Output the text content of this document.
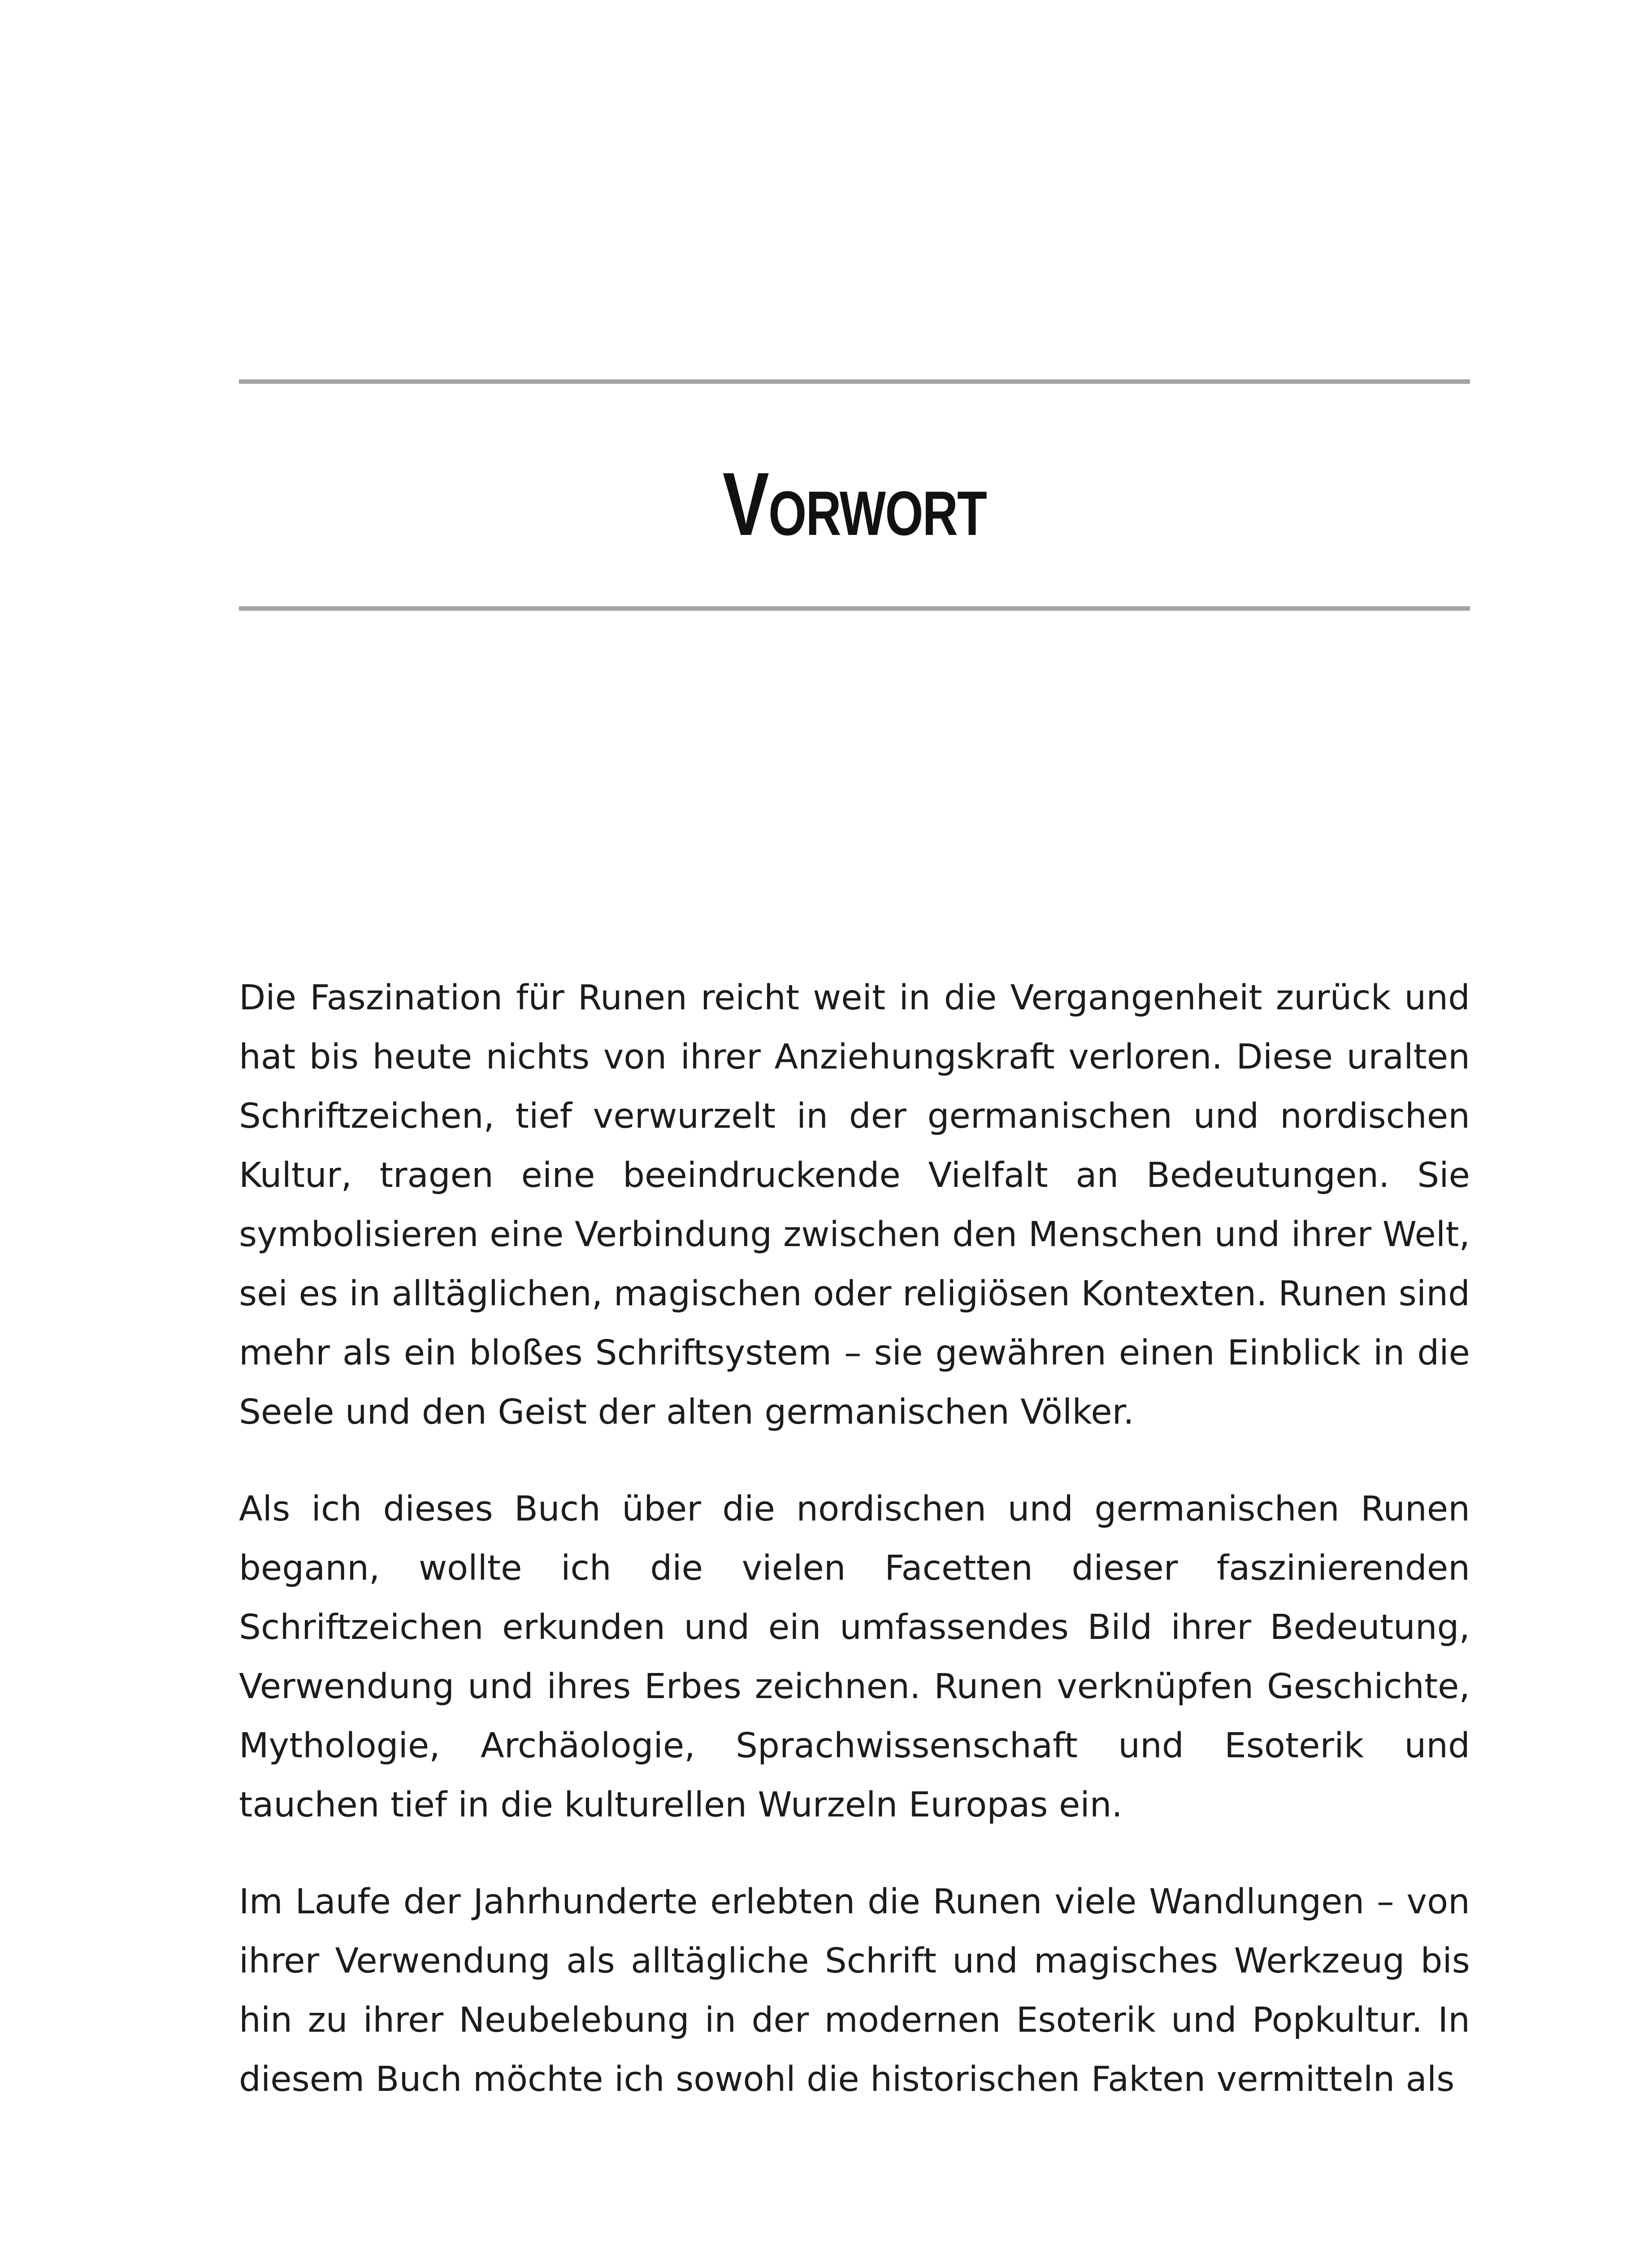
Vorwort

Die Faszination für Runen reicht weit in die Vergangenheit zurück und hat bis heute nichts von ihrer Anziehungskraft verloren. Diese uralten Schriftzeichen, tief verwurzelt in der germanischen und nordischen Kultur, tragen eine beeindruckende Vielfalt an Bedeutungen. Sie symbolisieren eine Verbindung zwischen den Menschen und ihrer Welt, sei es in alltäglichen, magischen oder religiösen Kontexten. Runen sind mehr als ein bloßes Schriftsystem – sie gewähren einen Einblick in die Seele und den Geist der alten germanischen Völker.

Als ich dieses Buch über die nordischen und germanischen Runen begann, wollte ich die vielen Facetten dieser faszinierenden Schriftzeichen erkunden und ein umfassendes Bild ihrer Bedeutung, Verwendung und ihres Erbes zeichnen. Runen verknüpfen Geschichte, Mythologie, Archäologie, Sprachwissenschaft und Esoterik und tauchen tief in die kulturellen Wurzeln Europas ein.

Im Laufe der Jahrhunderte erlebten die Runen viele Wandlungen – von ihrer Verwendung als alltägliche Schrift und magisches Werkzeug bis hin zu ihrer Neubelebung in der modernen Esoterik und Popkultur. In diesem Buch möchte ich sowohl die historischen Fakten vermitteln als
